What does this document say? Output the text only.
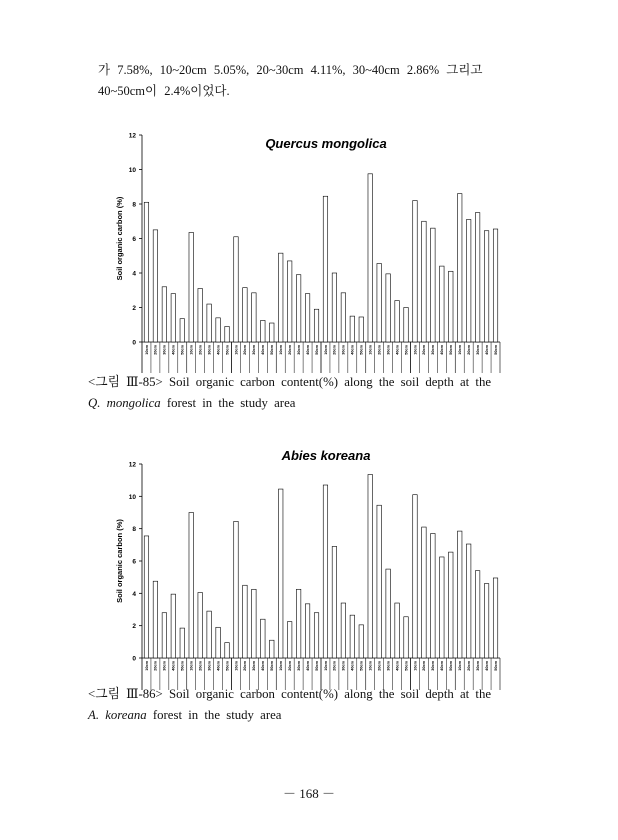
가 7.58%, 10~20cm 5.05%, 20~30cm 4.11%, 30~40cm 2.86% 그리고

40~50cm이 2.4%이었다.

Quercus mongolica
0
2
4
6
8
10
12
Soil organic carbon (%)
10cm 20cm 30cm 40cm 50cm 10cm 20cm 30cm 40cm 50cm 10cm 20cm 30cm 40cm 50cm 10cm 20cm 30cm 40cm 50cm 10cm 20cm 30cm 40cm 50cm 10cm 20cm 30cm 40cm 50cm 10cm 20cm 30cm 40cm 50cm 10cm 20cm 30cm 40cm 50cm

<그림 Ⅲ-85> Soil organic carbon content(%) along the soil depth at the

Q. mongolica forest in the study area

Abies koreana
0
2
4
6
8
10
12
Soil organic carbon (%)
10cm 20cm 30cm 40cm 50cm 10cm 20cm 30cm 40cm 50cm 10cm 20cm 30cm 40cm 50cm 10cm 20cm 30cm 40cm 50cm 10cm 20cm 30cm 40cm 50cm 10cm 20cm 30cm 40cm 50cm 10cm 20cm 30cm 40cm 50cm 10cm 20cm 30cm 40cm 50cm

<그림 Ⅲ-86> Soil organic carbon content(%) along the soil depth at the

A. koreana forest in the study area

－ 168 －
